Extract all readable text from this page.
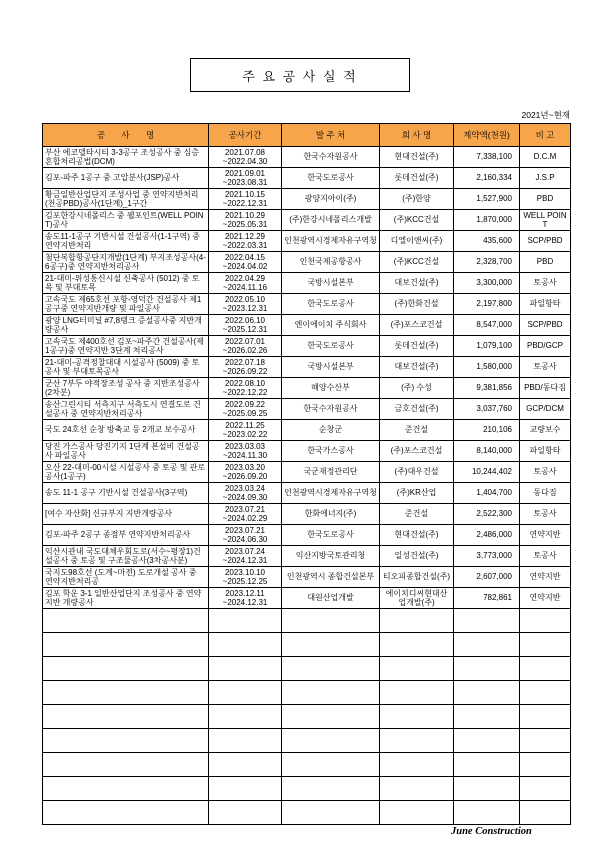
주 요 공 사 실 적
2021년~현재
공 사 명	공사기간	발 주 처	회 사 명	계약액(천원)	비 고

부산 에코델타시티 3-3공구 조성공사 중 심층혼합처리공법(DCM)	2021.07.08
~2022.04.30	한국수자원공사	현대건설(주)	7,338,100	D.C.M

김포-파주 1공구 중 고압분사(JSP)공사	2021.09.01
~2023.08.31	한국도로공사	롯데건설(주)	2,160,334	J.S.P

황금일반산업단지 조성사업 중 연약지반처리(천공PBD)공사(1단계)_1구간	2021.10.15
~2022.12.31	광양지아이(주)	(주)한양	1,527,900	PBD

김포한강시네폴리스 중 웰포인트(WELL POINT)공사	2021.10.29
~2025.05.31	(주)한강시네폴리스개발	(주)KCC건설	1,870,000	WELL POINT

송도11-1공구 기반시설 건설공사(1-1구역) 중 연약지반처리	2021.12.29
~2022.03.31	인천광역시경제자유구역청	디엘이앤씨(주)	435,600	SCP/PBD

첨단복합항공단지개발(1단계) 부지조성공사(4-6공구)중 연약지반처리공사	2022.04.15
~2024.04.02	인천국제공항공사	(주)KCC건설	2,328,700	PBD

21-대미-위성통신시설 신축공사 (5012) 중 토목 및 부대토목	2022.04.29
~2024.11.16	국방시설본부	대보건설(주)	3,300,000	토공사

고속국도 제65호선 포항-영덕간 건설공사 제1공구중 연약지반개량 및 파일공사	2022.05.10
~2023.12.31	한국도로공사	(주)한화건설	2,197,800	파일항타

광양 LNG터미널 #7,8탱크 증설공사중 지반개량공사	2022.06.10
~2025.12.31	엔이에이치 주식회사	(주)포스코건설	8,547,000	SCP/PBD

고속국도 제400호선 김포~파주간 건설공사(제1공구)중 연약지반 3단계 처리공사	2022.07.01
~2026.02.26	한국도로공사	롯데건설(주)	1,079,100	PBD/GCP

21-대미-공격정찰대대 시설공사 (5009) 중 토공사 및 부대토목공사	2022.07.18
~2026.09.22	국방시설본부	대보건설(주)	1,580,000	토공사

군산 7부두 야적장조성 공사 중 지반조성공사(2차분)	2022.08.10
~2022.12.22	해양수산부	(주) 수성	9,381,856	PBD/동다짐

송산그린시티 서측지구 서측도시 연결도로 건설공사 중 연약지반처리공사	2022.09.22
~2025.09.25	한국수자원공사	금호건설(주)	3,037,760	GCP/DCM

국도 24호선 순창 방축교 등 2개교 보수공사	2022.11.25
~2023.02.22	순창군	준건설	210,106	교량보수

당진 가스공사 당진기지 1단계 본설비 건설공사 파일공사	2023.03.03
~2024.11.30	한국가스공사	(주)포스코건설	8,140,000	파일항타

오산 22-대미-00시설 시설공사 중 토공 및 관로공사(1공구)	2023.03.20
~2026.09.20	국군재정관리단	(주)대우건설	10,244,402	토공사

송도 11-1 공구 기반시설 건설공사(3구역)	2023.03.24
~2024.09.30	인천광역시경제자유구역청	(주)KR산업	1,404,700	동다짐

[여수 자산화] 신규부지 지반개량공사	2023.07.21
~2024.02.29	한화에너지(주)	준건설	2,522,300	토공사

김포-파주 2공구 종점부 연약지반처리공사	2023.07.21
~2024.06.30	한국도로공사	현대건설(주)	2,486,000	연약지반

익산시관내 국도대체우회도로(서수~평장1)건설공사 중 토공 및 구조물공사(3차공사분)	2023.07.24
~2024.12.31	익산지방국토관리청	일성건설(주)	3,773,000	토공사

국지도98호선 (도계~마전) 도로개설 공사 중 연약지반처리공	2023.10.10
~2025.12.25	인천광역시 종합건설본부	티오피종합건설(주)	2,607,000	연약지반

김포 학운 3-1 일반산업단지 조성공사 중 연약지반 개량공사	2023.12.11
~2024.12.31	대원산업개발	에이치디씨현대산업개발(주)	782,861	연약지반

June Construction
